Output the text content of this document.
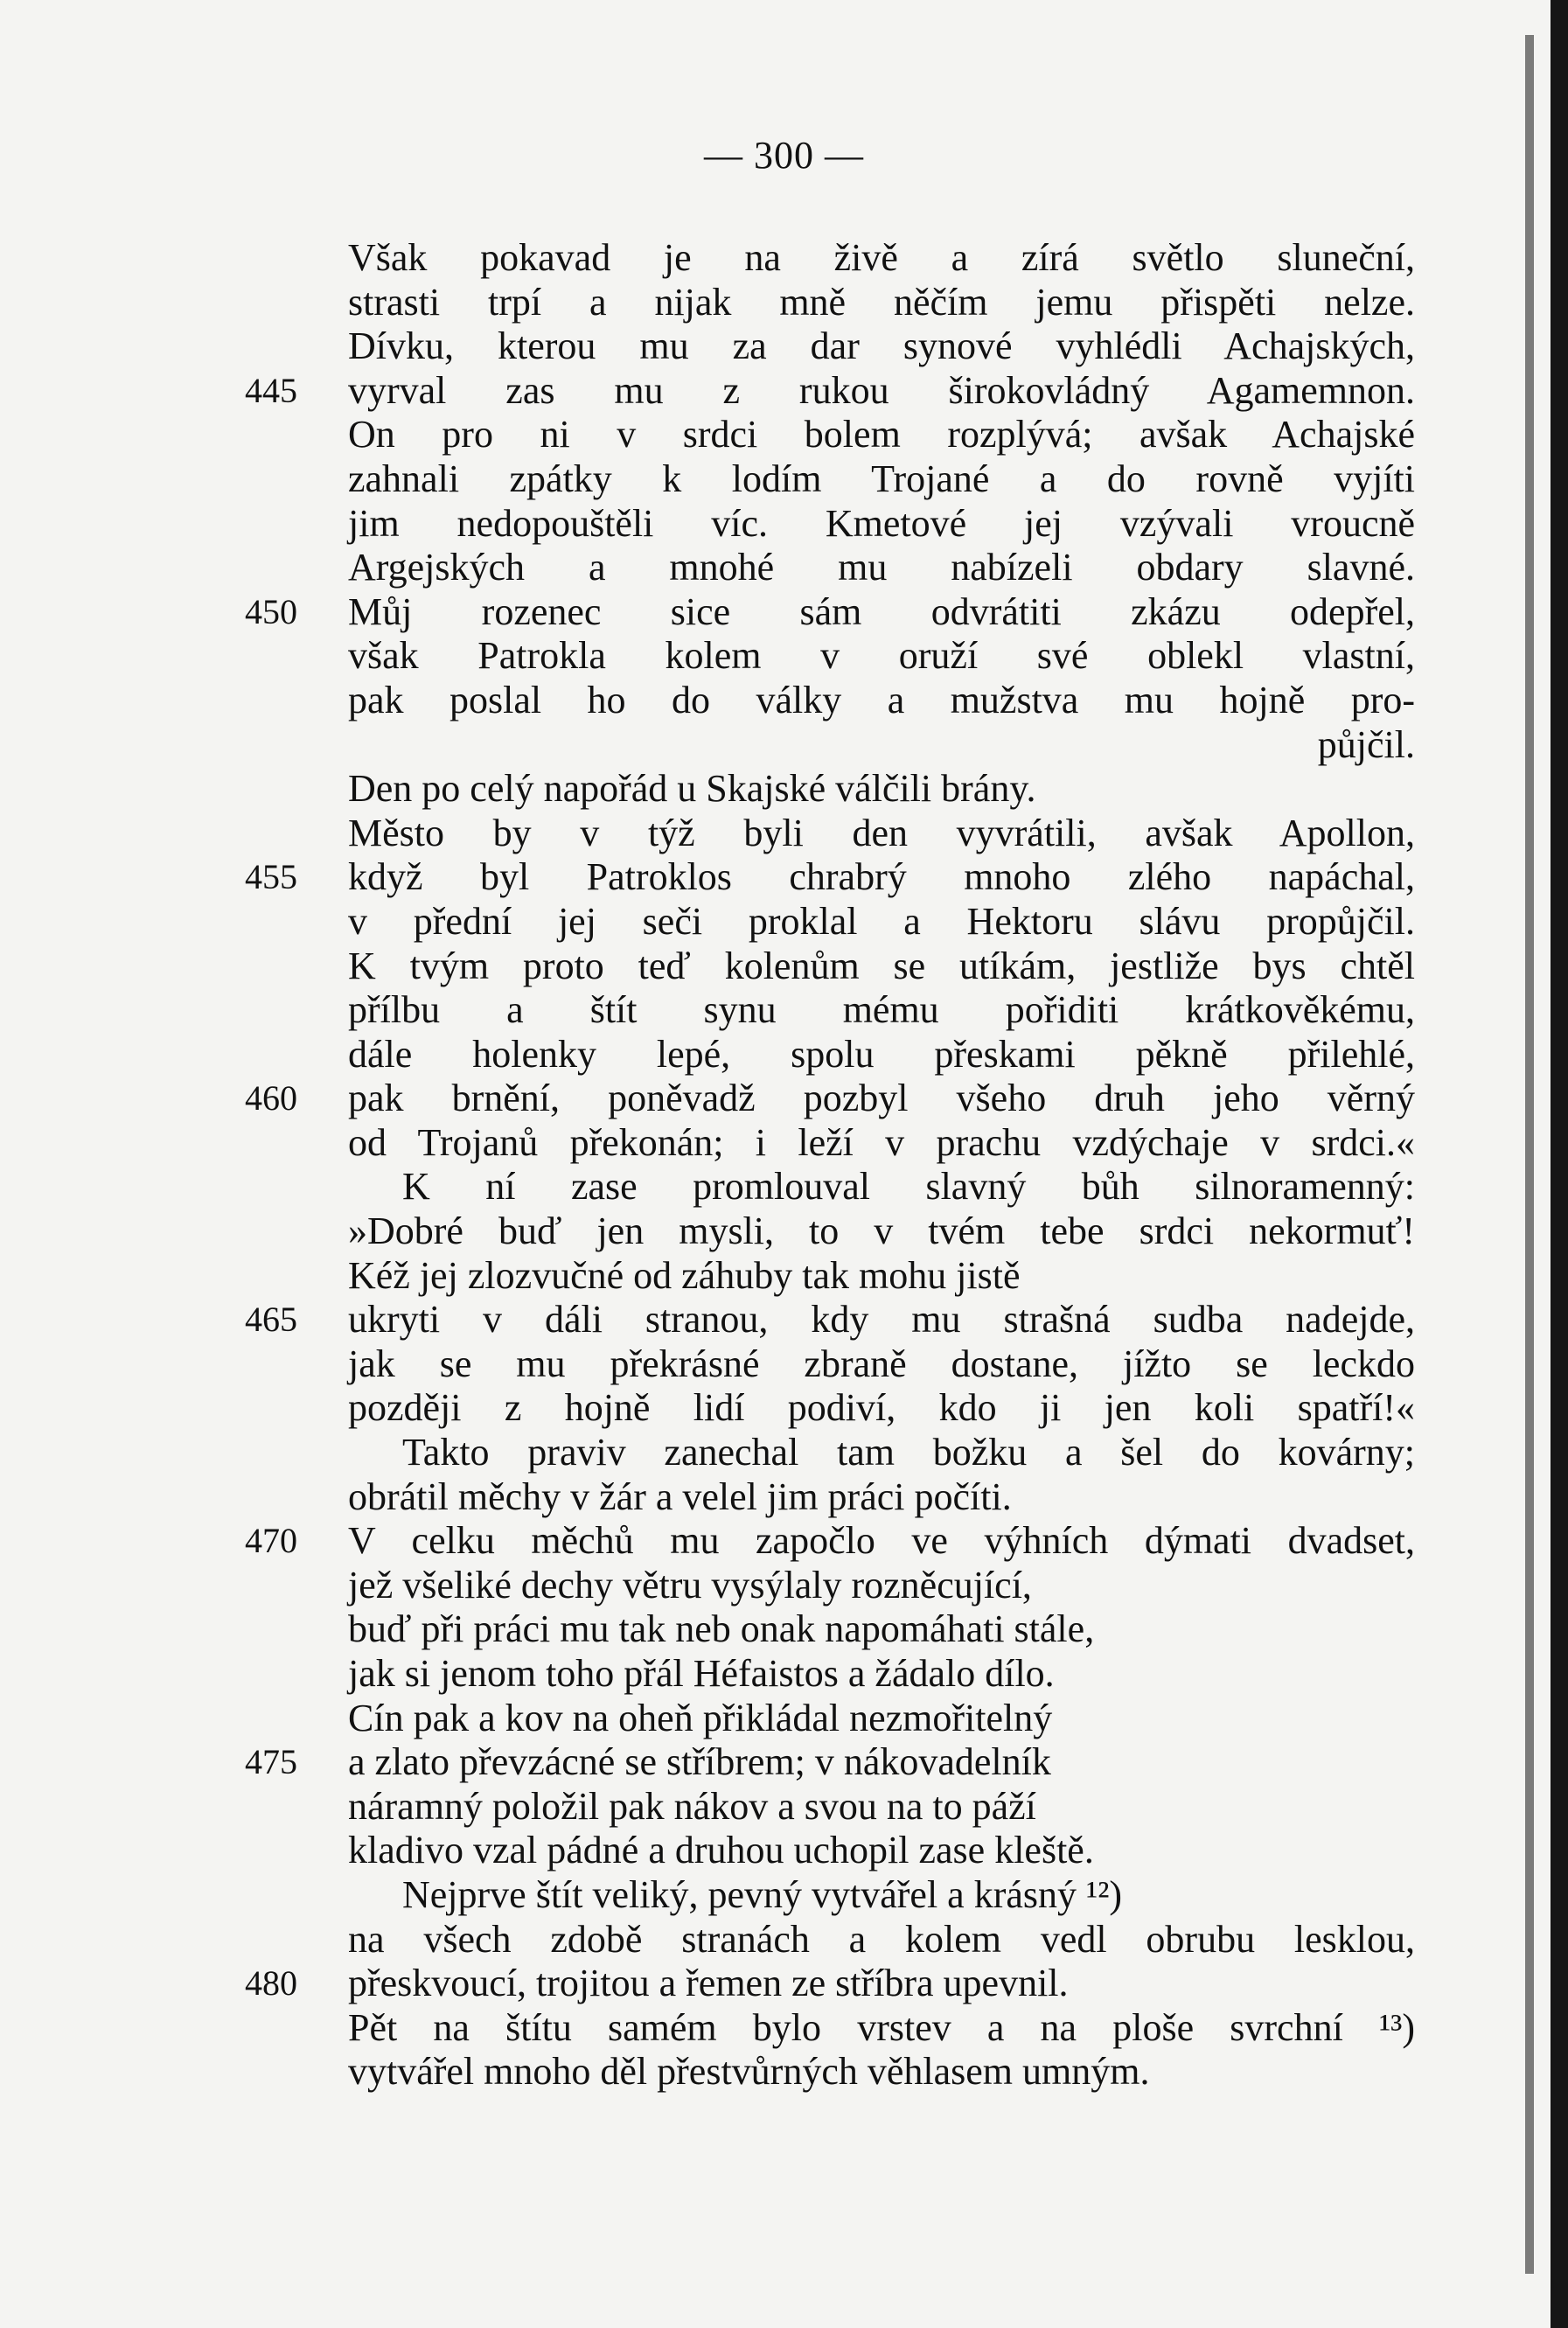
— 300 —
Však pokavad je na živě a zírá světlo sluneční,
strasti trpí a nijak mně něčím jemu přispěti nelze.
Dívku, kterou mu za dar synové vyhlédli Achajských,
445	vyrval zas mu z rukou širokovládný Agamemnon.
On pro ni v srdci bolem rozplývá; avšak Achajské
zahnali zpátky k lodím Trojané a do rovně vyjíti
jim nedopouštěli víc. Kmetové jej vzývali vroucně
Argejských a mnohé mu nabízeli obdary slavné.
450	Můj rozenec sice sám odvrátiti zkázu odepřel,
však Patrokla kolem v oruží své oblekl vlastní,
pak poslal ho do války a mužstva mu hojně pro-
půjčil.
Den po celý napořád u Skajské válčili brány.
Město by v týž byli den vyvrátili, avšak Apollon,
455	když byl Patroklos chrabrý mnoho zlého napáchal,
v přední jej seči proklal a Hektoru slávu propůjčil.
K tvým proto teď kolenům se utíkám, jestliže bys chtěl
přílbu a štít synu mému pořiditi krátkověkému,
dále holenky lepé, spolu přeskami pěkně přilehlé,
460	pak brnění, poněvadž pozbyl všeho druh jeho věrný
od Trojanů překonán; i leží v prachu vzdýchaje v srdci.«
K ní zase promlouval slavný bůh silnoramenný:
»Dobré buď jen mysli, to v tvém tebe srdci nekormuť!
Kéž jej zlozvučné od záhuby tak mohu jistě
465	ukryti v dáli stranou, kdy mu strašná sudba nadejde,
jak se mu překrásné zbraně dostane, jížto se leckdo
později z hojně lidí podiví, kdo ji jen koli spatří!«
Takto praviv zanechal tam božku a šel do kovárny;
obrátil měchy v žár a velel jim práci počíti.
470	V celku měchů mu započlo ve výhních dýmati dvadset,
jež všeliké dechy větru vysýlaly rozněcující,
buď při práci mu tak neb onak napomáhati stále,
jak si jenom toho přál Héfaistos a žádalo dílo.
Cín pak a kov na oheň přikládal nezmořitelný
475	a zlato převzácné se stříbrem; v nákovadelník
náramný položil pak nákov a svou na to páží
kladivo vzal pádné a druhou uchopil zase kleště.
Nejprve štít veliký, pevný vytvářel a krásný ¹²)
na všech zdobě stranách a kolem vedl obrubu lesklou,
480	přeskvoucí, trojitou a řemen ze stříbra upevnil.
Pět na štítu samém bylo vrstev a na ploše svrchní ¹³)
vytvářel mnoho děl přestvůrných věhlasem umným.
